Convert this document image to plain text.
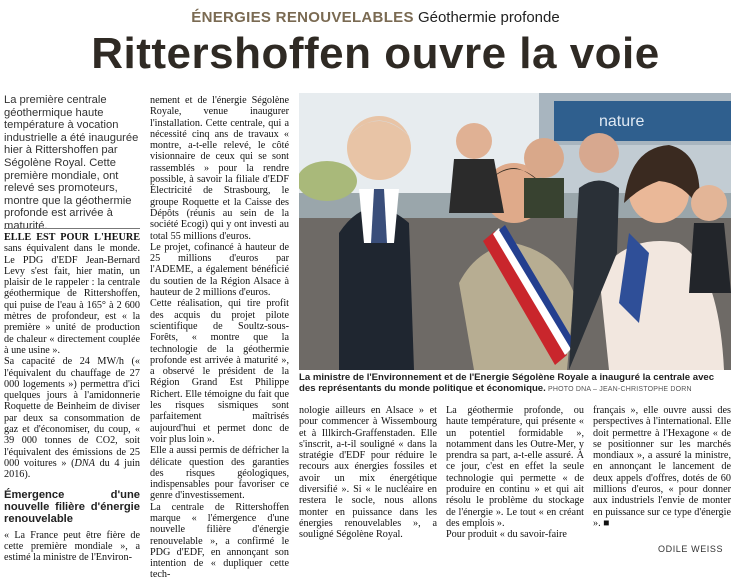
ÉNERGIES RENOUVELABLES Géothermie profonde
Rittershoffen ouvre la voie
La première centrale géothermique haute température à vocation industrielle a été inaugurée hier à Rittershoffen par Ségolène Royal. Cette première mondiale, ont relevé ses promoteurs, montre que la géothermie profonde est arrivée à maturité.

ELLE EST POUR L'HEURE sans équivalent dans le monde. Le PDG d'EDF Jean-Bernard Levy s'est fait, hier matin, un plaisir de le rappeler : la centrale géothermique de Rittershoffen, qui puise de l'eau à 165° à 2 600 mètres de profondeur, est « la première » unité de production de chaleur « directement couplée à une usine ».

Sa capacité de 24 MW/h (« l'équivalent du chauffage de 27 000 logements ») permettra d'ici quelques jours à l'amidonnerie Roquette de Beinheim de diviser par deux sa consommation de gaz et d'économiser, du coup, « 39 000 tonnes de CO2, soit l'équivalent des émissions de 25 000 voitures » (DNA du 4 juin 2016).

Émergence d'une nouvelle filière d'énergie renouvelable

« La France peut être fière de cette première mondiale », a estimé la ministre de l'Environ-

nement et de l'énergie Ségolène Royale, venue inaugurer l'installation. Cette centrale, qui a nécessité cinq ans de travaux « montre, a-t-elle relevé, le côté visionnaire de ceux qui se sont rassemblés » pour la rendre possible, à savoir la filiale d'EDF Électricité de Strasbourg, le groupe Roquette et la Caisse des Dépôts (réunis au sein de la société Ecogi) qui y ont investi au total 55 millions d'euros.

Le projet, cofinancé à hauteur de 25 millions d'euros par l'ADEME, a également bénéficié du soutien de la Région Alsace à hauteur de 2 millions d'euros.

Cette réalisation, qui tire profit des acquis du projet pilote scientifique de Soultz-sous-Forêts, « montre que la technologie de la géothermie profonde est arrivée à maturité », a observé le président de la Région Grand Est Philippe Richert. Elle témoigne du fait que les risques sismiques sont parfaitement maîtrisés aujourd'hui et permet donc de voir plus loin ».

Elle a aussi permis de défricher la délicate question des garanties des risques géologiques, indispensables pour favoriser ce genre d'investissement.

La centrale de Rittershoffen marque « l'émergence d'une nouvelle filière d'énergie renouvelable », a confirmé le PDG d'EDF, en annonçant son intention de « dupliquer cette tech-

nature
La ministre de l'Environnement et de l'Energie Ségolène Royale a inauguré la centrale avec des représentants du monde politique et économique. PHOTO DNA – JEAN-CHRISTOPHE DORN

nologie ailleurs en Alsace » et pour commencer à Wissembourg et à Illkirch-Graffenstaden. Elle s'inscrit, a-t-il souligné « dans la stratégie d'EDF pour réduire le recours aux énergies fossiles et avoir un mix énergétique diversifié ». Si « le nucléaire en restera le socle, nous allons monter en puissance dans les énergies renouvelables », a souligné Ségolène Royal.

La géothermie profonde, ou haute température, qui présente « un potentiel formidable », notamment dans les Outre-Mer, y prendra sa part, a-t-elle assuré. À ce jour, c'est en effet la seule technologie qui permette « de produire en continu » et qui ait résolu le problème du stockage de l'énergie ». Le tout « en créant des emplois ».

Pour produit « du savoir-faire

français », elle ouvre aussi des perspectives à l'international. Elle doit permettre à l'Hexagone « de se positionner sur les marchés mondiaux », a assuré la ministre, en annonçant le lancement de deux appels d'offres, dotés de 60 millions d'euros, « pour donner aux industriels l'envie de monter en puissance sur ce type d'énergie ». ■

ODILE WEISS
